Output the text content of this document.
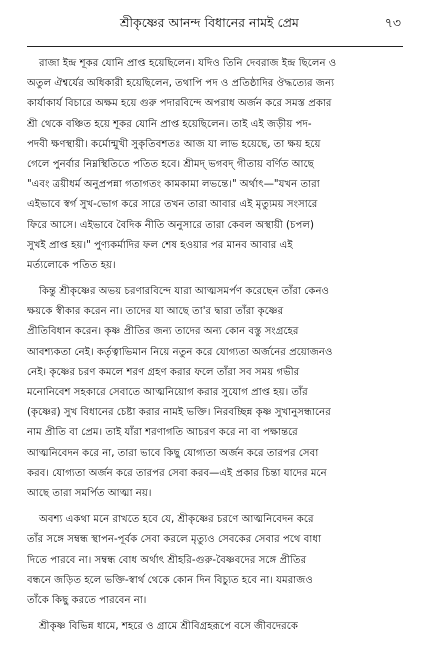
শ্রীকৃষ্ণের আনন্দ বিধানের নামই প্রেম	৭৩
রাজা ইন্দ্র শূকর যোনি প্রাপ্ত হয়েছিলেন। যদিও তিনি দেবরাজ ইন্দ্র ছিলেন ও
অতুল ঐশ্বর্যের অধিকারী হয়েছিলেন, তথাপি পদ ও প্রতিষ্ঠাদির ঔদ্ধত্যের জন্য
কার্যাকার্য বিচারে অক্ষম হয়ে গুরু পদারবিন্দে অপরাধ অর্জন করে সমস্ত প্রকার
শ্রী থেকে বঞ্চিত হয়ে শূকর যোনি প্রাপ্ত হয়েছিলেন। তাই এই জড়ীয় পদ-
পদবী ক্ষণস্থায়ী। কর্মোন্মুখী সুকৃতিবশতঃ আজ যা লাভ হয়েছে, তা ক্ষয় হয়ে
গেলে পুনর্বার নিম্নস্থিতিতে পতিত হবে। শ্রীমদ্ ভগবদ্ গীতায় বর্ণিত আছে
"এবং ত্রয়ীধর্ম অনুপ্রপন্না গতাগতং কামকামা লভন্তে।" অর্থাৎ—"যখন তারা
এইভাবে স্বর্গ সুখ-ভোগ করে সারে তখন তারা আবার এই মৃত্যুময় সংসারে
ফিরে আসে। এইভাবে বৈদিক নীতি অনুসারে তারা কেবল অস্থায়ী (চপল)
সুখই প্রাপ্ত হয়।" পুণ্যকর্মাদির ফল শেষ হওয়ার পর মানব আবার এই
মর্ত্যলোকে পতিত হয়।
কিন্তু শ্রীকৃষ্ণের অভয় চরণারবিন্দে যারা আত্মসমর্পণ করেছেন তাঁরা কেনও
ক্ষয়কে স্বীকার করেন না। তাদের যা আছে তা'র দ্বারা তাঁরা কৃষ্ণের
প্রীতিবিধান করেন। কৃষ্ণ প্রীতির জন্য তাদের অন্য কোন বস্তু সংগ্রহের
আবশ্যকতা নেই। কর্তৃত্বাভিমান নিয়ে নতুন করে যোগ্যতা অর্জনের প্রয়োজনও
নেই। কৃষ্ণের চরণ কমলে শরণ গ্রহণ করার ফলে তাঁরা সব সময় গভীর
মনোনিবেশ সহকারে সেবাতে আত্মনিয়োগ করার সুযোগ প্রাপ্ত হয়। তাঁর
(কৃষ্ণের) সুখ বিধানের চেষ্টা করার নামই ভক্তি। নিরবচ্ছিন্ন কৃষ্ণ সুখানুসন্ধানের
নাম প্রীতি বা প্রেম। তাই যাঁরা শরণাগতি আচরণ করে না বা পক্ষান্তরে
আত্মনিবেদন করে না, তারা ভাবে কিছু যোগ্যতা অর্জন করে তারপর সেবা
করব। যোগ্যতা অর্জন করে তারপর সেবা করব—এই প্রকার চিন্তা যাদের মনে
আছে তারা সমর্পিত আত্মা নয়।
অবশ্য একথা মনে রাখতে হবে যে, শ্রীকৃষ্ণের চরণে আত্মনিবেদন করে
তাঁর সঙ্গে সম্বন্ধ স্থাপন-পূর্বক সেবা করলে মৃত্যুও সেবকের সেবার পথে বাধা
দিতে পারবে না। সম্বন্ধ বোধ অর্থাৎ শ্রীহরি-গুরু-বৈষ্ণবদের সঙ্গে প্রীতির
বন্ধনে জড়িত হলে ভক্তি-স্বার্থ থেকে কোন দিন বিচ্যুত হবে না। যমরাজও
তাঁকে কিছু করতে পারবেন না।
শ্রীকৃষ্ণ বিভিন্ন ধামে, শহরে ও গ্রামে শ্রীবিগ্রহরূপে বসে জীবদেরকে
